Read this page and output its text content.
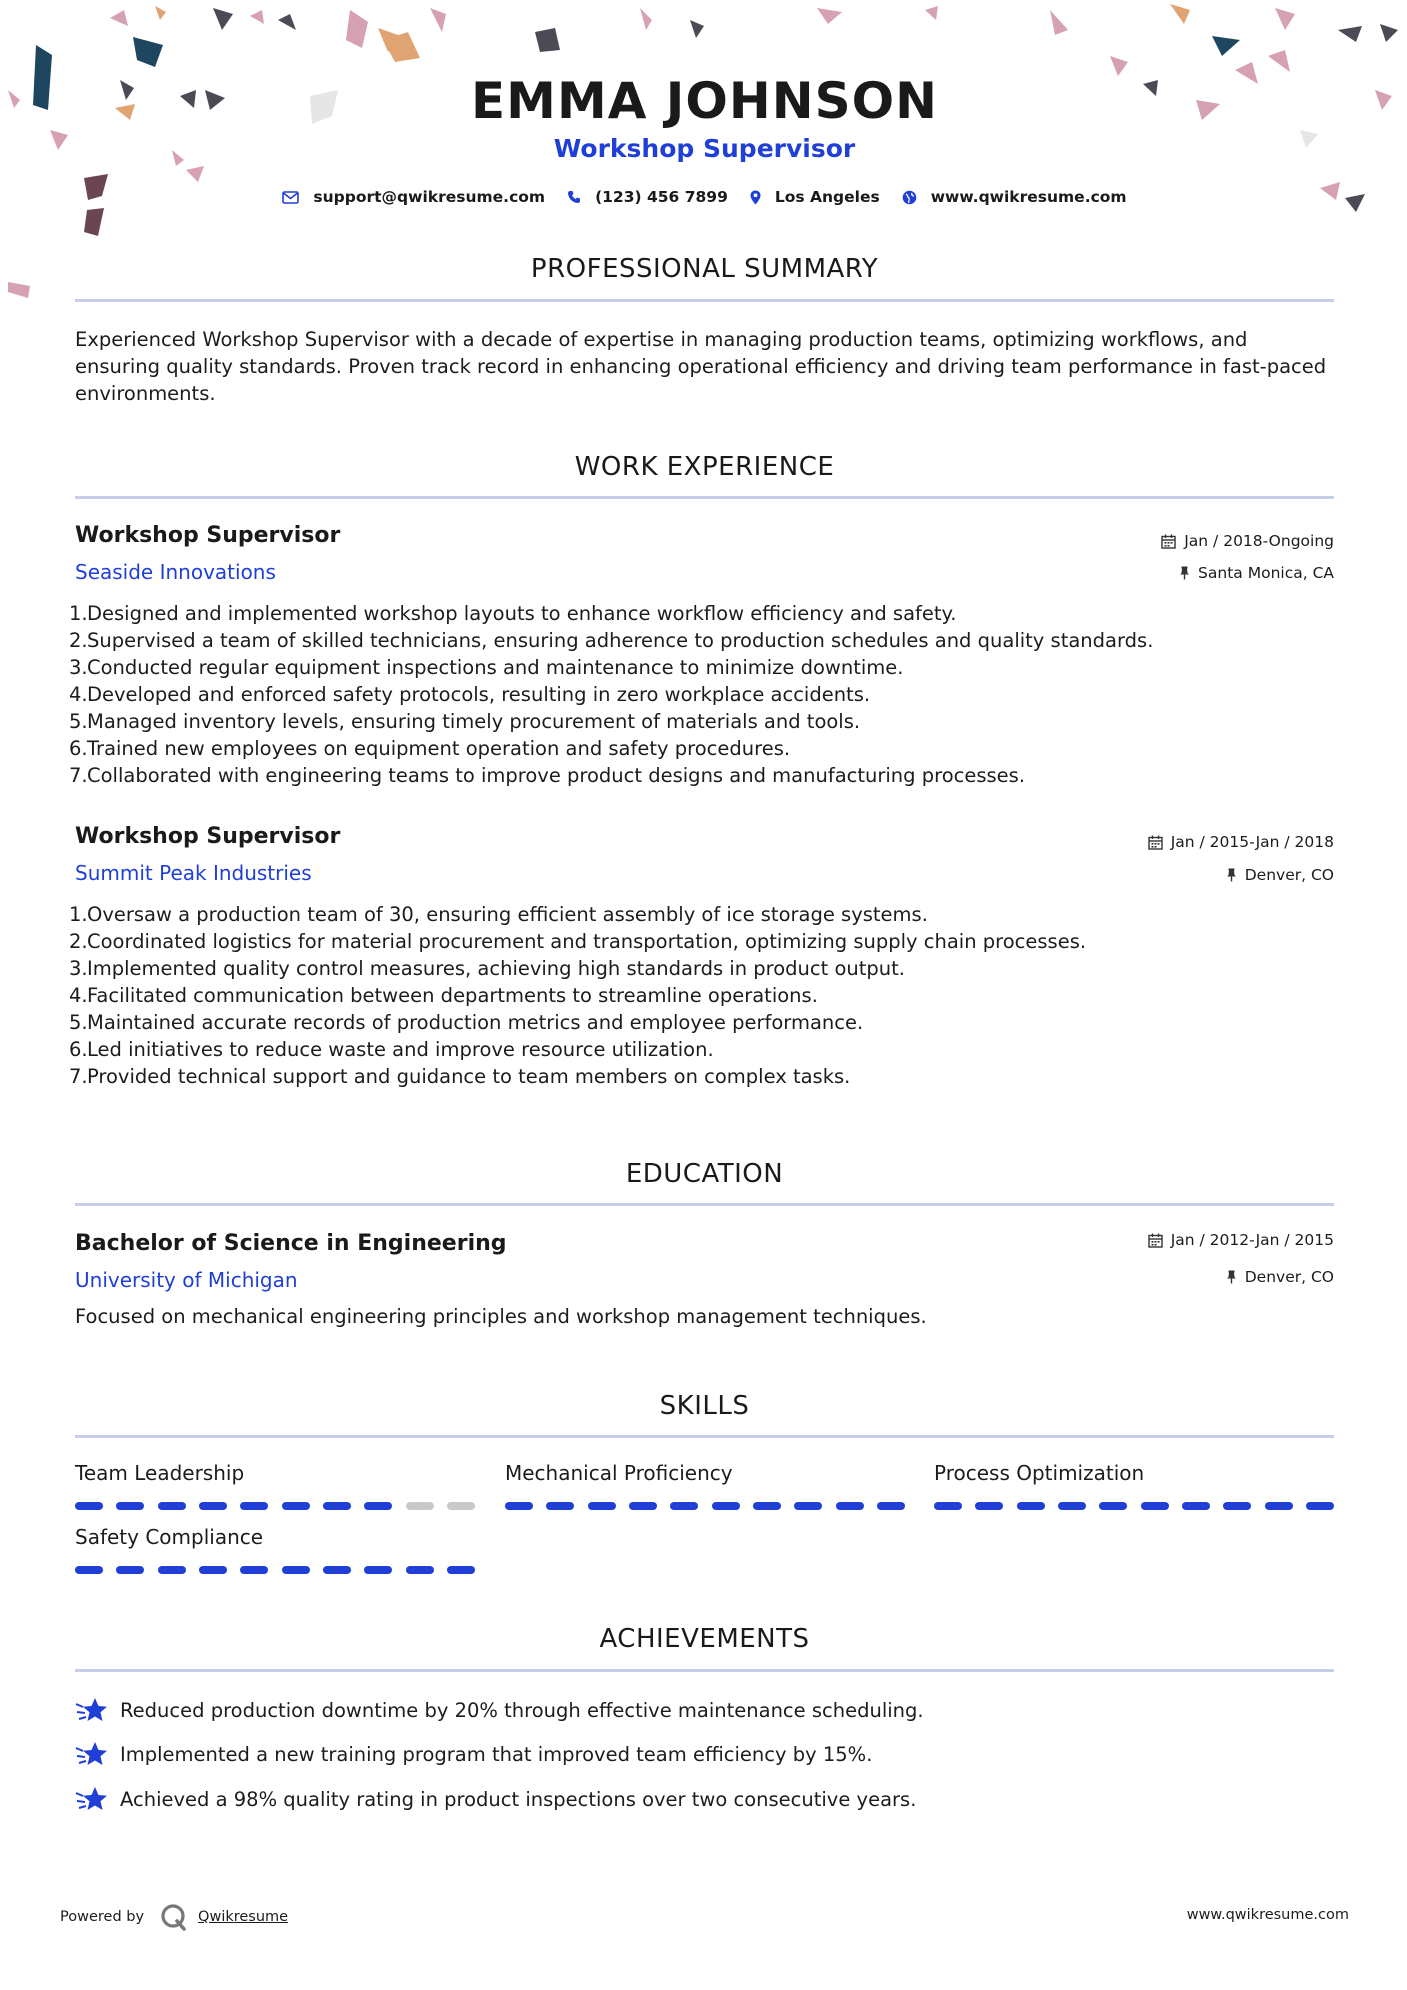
EMMA JOHNSON
Workshop Supervisor
support@qwikresume.com	(123) 456 7899	Los Angeles	www.qwikresume.com
PROFESSIONAL SUMMARY
Experienced Workshop Supervisor with a decade of expertise in managing production teams, optimizing workflows, and ensuring quality standards. Proven track record in enhancing operational efficiency and driving team performance in fast-paced environments.
WORK EXPERIENCE
Workshop Supervisor
Seaside Innovations
Jan / 2018-Ongoing
Santa Monica, CA
1. Designed and implemented workshop layouts to enhance workflow efficiency and safety.
2. Supervised a team of skilled technicians, ensuring adherence to production schedules and quality standards.
3. Conducted regular equipment inspections and maintenance to minimize downtime.
4. Developed and enforced safety protocols, resulting in zero workplace accidents.
5. Managed inventory levels, ensuring timely procurement of materials and tools.
6. Trained new employees on equipment operation and safety procedures.
7. Collaborated with engineering teams to improve product designs and manufacturing processes.
Workshop Supervisor
Summit Peak Industries
Jan / 2015-Jan / 2018
Denver, CO
1. Oversaw a production team of 30, ensuring efficient assembly of ice storage systems.
2. Coordinated logistics for material procurement and transportation, optimizing supply chain processes.
3. Implemented quality control measures, achieving high standards in product output.
4. Facilitated communication between departments to streamline operations.
5. Maintained accurate records of production metrics and employee performance.
6. Led initiatives to reduce waste and improve resource utilization.
7. Provided technical support and guidance to team members on complex tasks.
EDUCATION
Bachelor of Science in Engineering
University of Michigan
Jan / 2012-Jan / 2015
Denver, CO
Focused on mechanical engineering principles and workshop management techniques.
SKILLS
Team Leadership	Mechanical Proficiency	Process Optimization
Safety Compliance
ACHIEVEMENTS
Reduced production downtime by 20% through effective maintenance scheduling.
Implemented a new training program that improved team efficiency by 15%.
Achieved a 98% quality rating in product inspections over two consecutive years.
Powered by	Qwikresume	www.qwikresume.com
